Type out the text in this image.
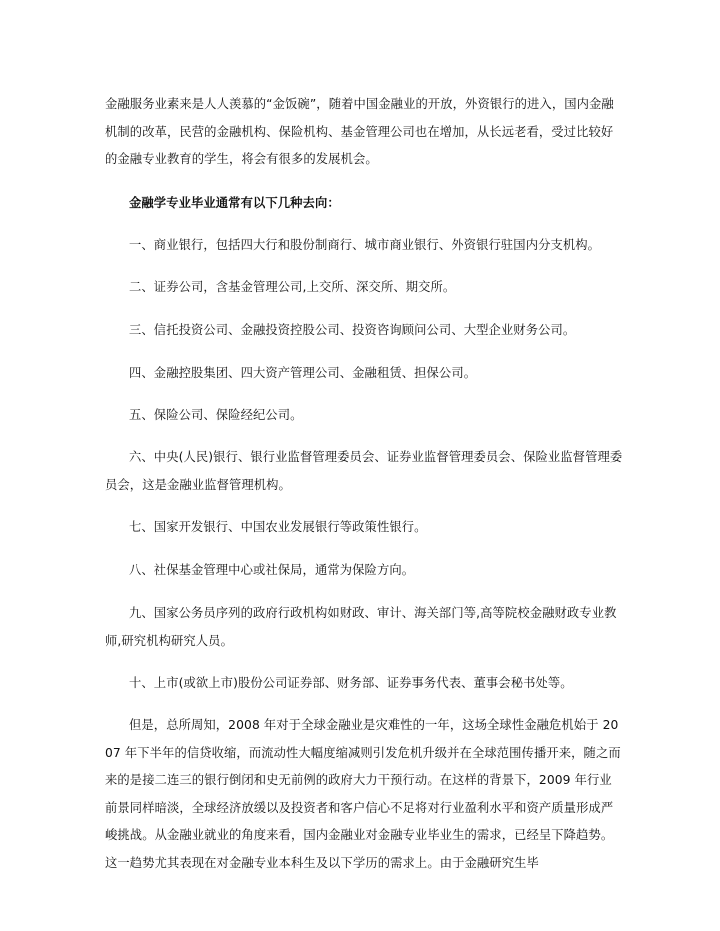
金融服务业素来是人人羡慕的“金饭碗”，随着中国金融业的开放，外资银行的进入，国内金融机制的改革，民营的金融机构、保险机构、基金管理公司也在增加，从长远老看，受过比较好的金融专业教育的学生，将会有很多的发展机会。

金融学专业毕业通常有以下几种去向：

一、商业银行，包括四大行和股份制商行、城市商业银行、外资银行驻国内分支机构。

二、证券公司，含基金管理公司,上交所、深交所、期交所。

三、信托投资公司、金融投资控股公司、投资咨询顾问公司、大型企业财务公司。

四、金融控股集团、四大资产管理公司、金融租赁、担保公司。

五、保险公司、保险经纪公司。

六、中央(人民)银行、银行业监督管理委员会、证券业监督管理委员会、保险业监督管理委员会，这是金融业监督管理机构。

七、国家开发银行、中国农业发展银行等政策性银行。

八、社保基金管理中心或社保局，通常为保险方向。

九、国家公务员序列的政府行政机构如财政、审计、海关部门等,高等院校金融财政专业教师,研究机构研究人员。

十、上市(或欲上市)股份公司证券部、财务部、证券事务代表、董事会秘书处等。

但是，总所周知，2008 年对于全球金融业是灾难性的一年，这场全球性金融危机始于 2007 年下半年的信贷收缩，而流动性大幅度缩减则引发危机升级并在全球范围传播开来，随之而来的是接二连三的银行倒闭和史无前例的政府大力干预行动。在这样的背景下，2009 年行业前景同样暗淡，全球经济放缓以及投资者和客户信心不足将对行业盈利水平和资产质量形成严峻挑战。从金融业就业的角度来看，国内金融业对金融专业毕业生的需求，已经呈下降趋势。这一趋势尤其表现在对金融专业本科生及以下学历的需求上。由于金融研究生毕
